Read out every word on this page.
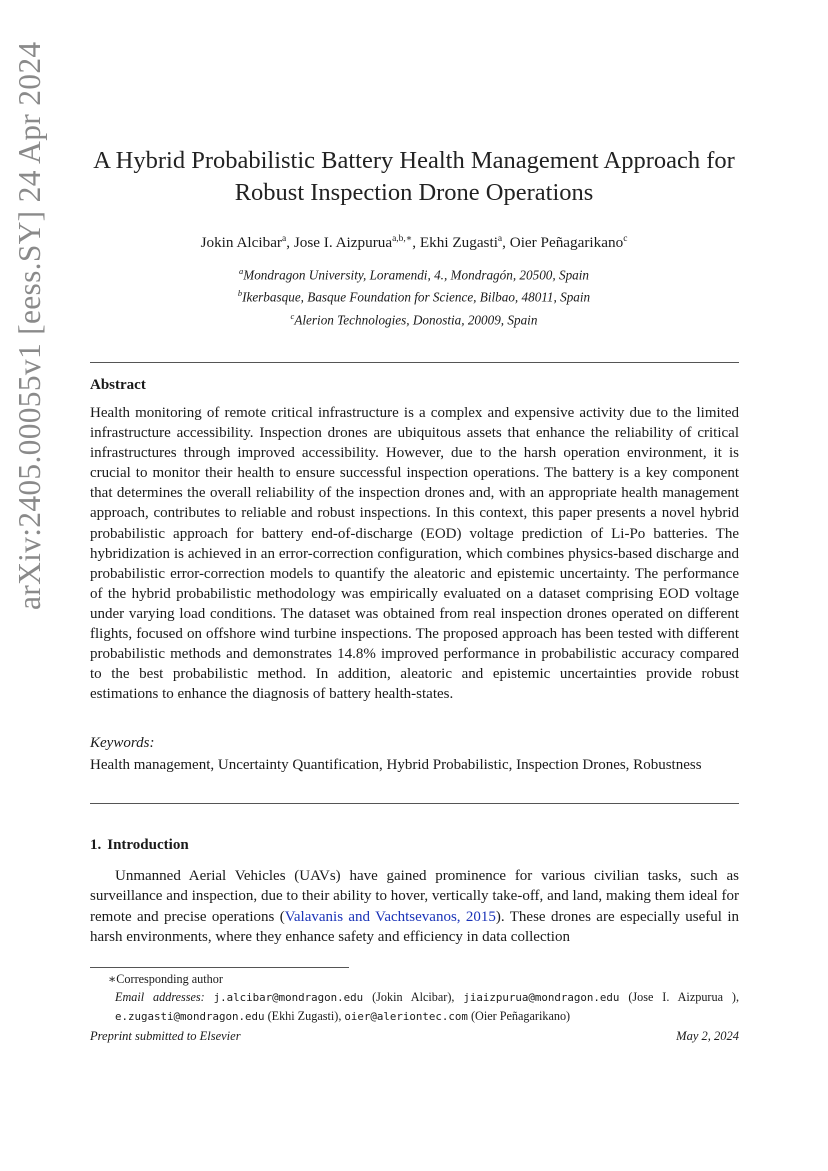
arXiv:2405.00055v1 [eess.SY] 24 Apr 2024	A Hybrid Probabilistic Battery Health Management Approach for
Robust Inspection Drone Operations
Jokin Alcibar$^a$, Jose I. Aizpurua$^{a,b,∗}$, Ekhi Zugasti$^a$, Oier Peñagarikano$^c$
$^a$Mondragon University, Loramendi, 4., Mondragón, 20500, Spain
$^b$Ikerbasque, Basque Foundation for Science, Bilbao, 48011, Spain
$^c$Alerion Technologies, Donostia, 20009, Spain
Abstract
Health monitoring of remote critical infrastructure is a complex and expensive activity due to the limited infrastructure accessibility. Inspection drones are ubiquitous assets that enhance the reliability of critical infrastructures through improved accessibility. However, due to the harsh operation environment, it is crucial to monitor their health to ensure successful inspection operations. The battery is a key component that determines the overall reliability of the inspection drones and, with an appropriate health management approach, contributes to reliable and robust inspections. In this context, this paper presents a novel hybrid probabilistic approach for battery end-of-discharge (EOD) voltage prediction of Li-Po batteries. The hybridization is achieved in an error-correction configuration, which combines physics-based discharge and probabilistic error-correction models to quantify the aleatoric and epistemic uncertainty. The performance of the hybrid probabilistic methodology was empirically evaluated on a dataset comprising EOD voltage under varying load conditions. The dataset was obtained from real inspection drones operated on different flights, focused on offshore wind turbine inspections. The proposed approach has been tested with different probabilistic methods and demonstrates 14.8% improved performance in probabilistic accuracy compared to the best probabilistic method. In addition, aleatoric and epistemic uncertainties provide robust estimations to enhance the diagnosis of battery health-states.
Keywords:
Health management, Uncertainty Quantification, Hybrid Probabilistic, Inspection Drones, Robustness
1. Introduction
Unmanned Aerial Vehicles (UAVs) have gained prominence for various civilian tasks, such as surveillance and inspection, due to their ability to hover, vertically take-off, and land, making them ideal for remote and precise operations (Valavanis and Vachtsevanos, 2015). These drones are especially useful in harsh environments, where they enhance safety and efficiency in data collection
∗Corresponding author
Email addresses: j.alcibar@mondragon.edu (Jokin Alcibar), jiaizpurua@mondragon.edu (Jose I. Aizpurua ), e.zugasti@mondragon.edu (Ekhi Zugasti), oier@aleriontec.com (Oier Peñagarikano)
Preprint submitted to Elsevier	May 2, 2024
